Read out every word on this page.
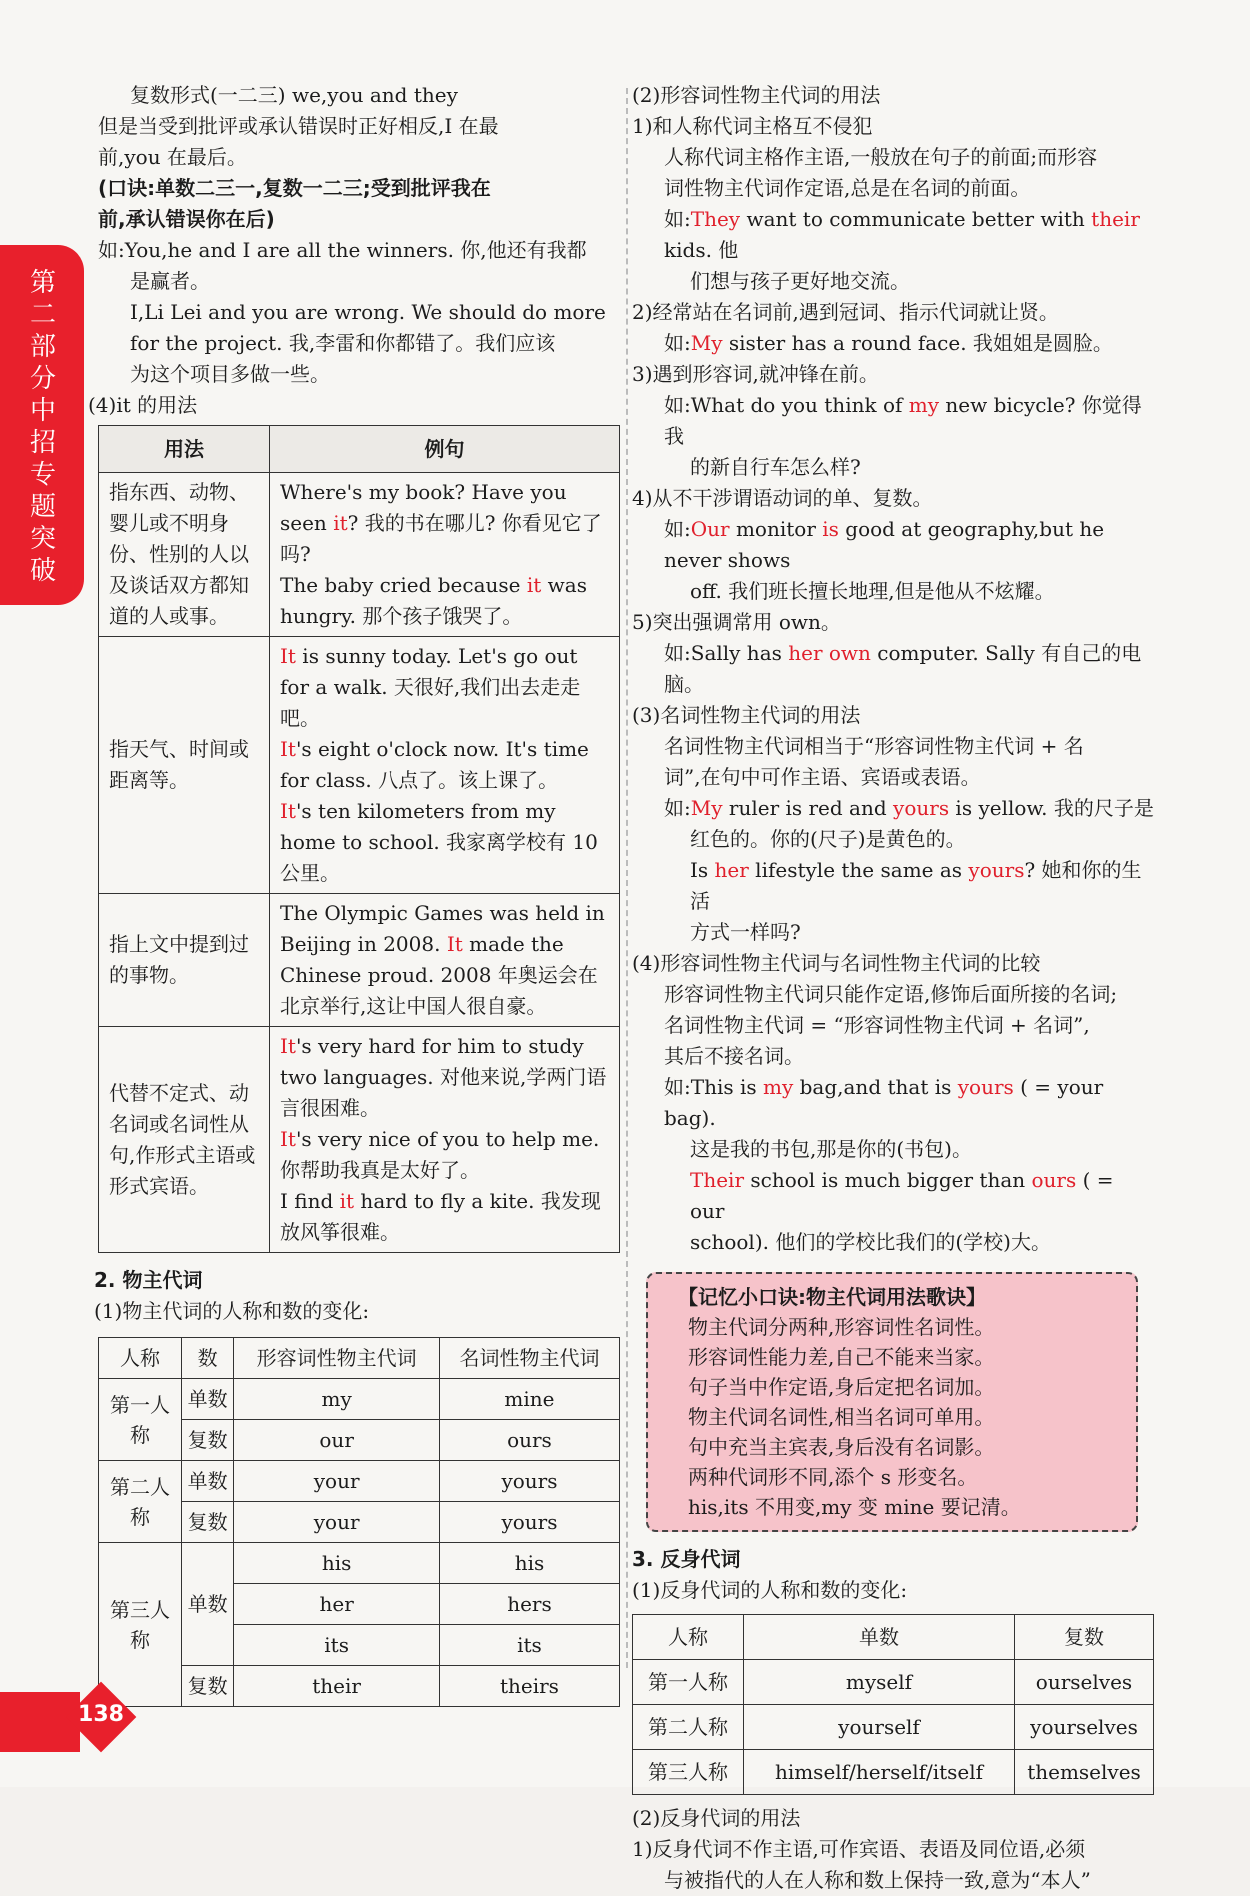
第二部分 中招专题突破

复数形式(一二三) we,you and they

但是当受到批评或承认错误时正好相反,I 在最

前,you 在最后。

(口诀:单数二三一,复数一二三;受到批评我在

前,承认错误你在后)

如:You,he and I are all the winners. 你,他还有我都

是赢者。

I,Li Lei and you are wrong. We should do more

for the project. 我,李雷和你都错了。我们应该

为这个项目多做一些。

(4)it 的用法

用法	例句
指东西、动物、婴儿或不明身份、性别的人以及谈话双方都知道的人或事。	Where's my book? Have you seen it? 我的书在哪儿? 你看见它了吗?
The baby cried because it was hungry. 那个孩子饿哭了。
指天气、时间或距离等。	It is sunny today. Let's go out for a walk. 天很好,我们出去走走吧。
It's eight o'clock now. It's time for class. 八点了。该上课了。
It's ten kilometers from my home to school. 我家离学校有 10 公里。
指上文中提到过的事物。	The Olympic Games was held in Beijing in 2008. It made the Chinese proud. 2008 年奥运会在北京举行,这让中国人很自豪。
代替不定式、动名词或名词性从句,作形式主语或形式宾语。	It's very hard for him to study two languages. 对他来说,学两门语言很困难。
It's very nice of you to help me. 你帮助我真是太好了。
I find it hard to fly a kite. 我发现放风筝很难。

2. 物主代词

(1)物主代词的人称和数的变化:

人称	数	形容词性物主代词	名词性物主代词

第一人称	单数	my	mine
	复数	our	ours

第二人称	单数	your	yours
	复数	your	yours

第三人称	单数	his	his
		her	hers
		its	its
	复数	their	theirs

(2)形容词性物主代词的用法

1)和人称代词主格互不侵犯

人称代词主格作主语,一般放在句子的前面;而形容

词性物主代词作定语,总是在名词的前面。

如:They want to communicate better with their kids. 他

们想与孩子更好地交流。

2)经常站在名词前,遇到冠词、指示代词就让贤。

如:My sister has a round face. 我姐姐是圆脸。

3)遇到形容词,就冲锋在前。

如:What do you think of my new bicycle? 你觉得我

的新自行车怎么样?

4)从不干涉谓语动词的单、复数。

如:Our monitor is good at geography,but he never shows

off. 我们班长擅长地理,但是他从不炫耀。

5)突出强调常用 own。

如:Sally has her own computer. Sally 有自己的电脑。

(3)名词性物主代词的用法

名词性物主代词相当于“形容词性物主代词 + 名

词”,在句中可作主语、宾语或表语。

如:My ruler is red and yours is yellow. 我的尺子是

红色的。你的(尺子)是黄色的。

Is her lifestyle the same as yours? 她和你的生活

方式一样吗?

(4)形容词性物主代词与名词性物主代词的比较

形容词性物主代词只能作定语,修饰后面所接的名词;

名词性物主代词 = “形容词性物主代词 + 名词”,

其后不接名词。

如:This is my bag,and that is yours ( = your bag).

这是我的书包,那是你的(书包)。

Their school is much bigger than ours ( = our

school). 他们的学校比我们的(学校)大。

【记忆小口诀:物主代词用法歌诀】

物主代词分两种,形容词性名词性。

形容词性能力差,自己不能来当家。

句子当中作定语,身后定把名词加。

物主代词名词性,相当名词可单用。

句中充当主宾表,身后没有名词影。

两种代词形不同,添个 s 形变名。

his,its 不用变,my 变 mine 要记清。

3. 反身代词

(1)反身代词的人称和数的变化:

人称	单数	复数
第一人称	myself	ourselves
第二人称	yourself	yourselves
第三人称	himself/herself/itself	themselves

(2)反身代词的用法

1)反身代词不作主语,可作宾语、表语及同位语,必须

与被指代的人在人称和数上保持一致,意为“本人”

138
